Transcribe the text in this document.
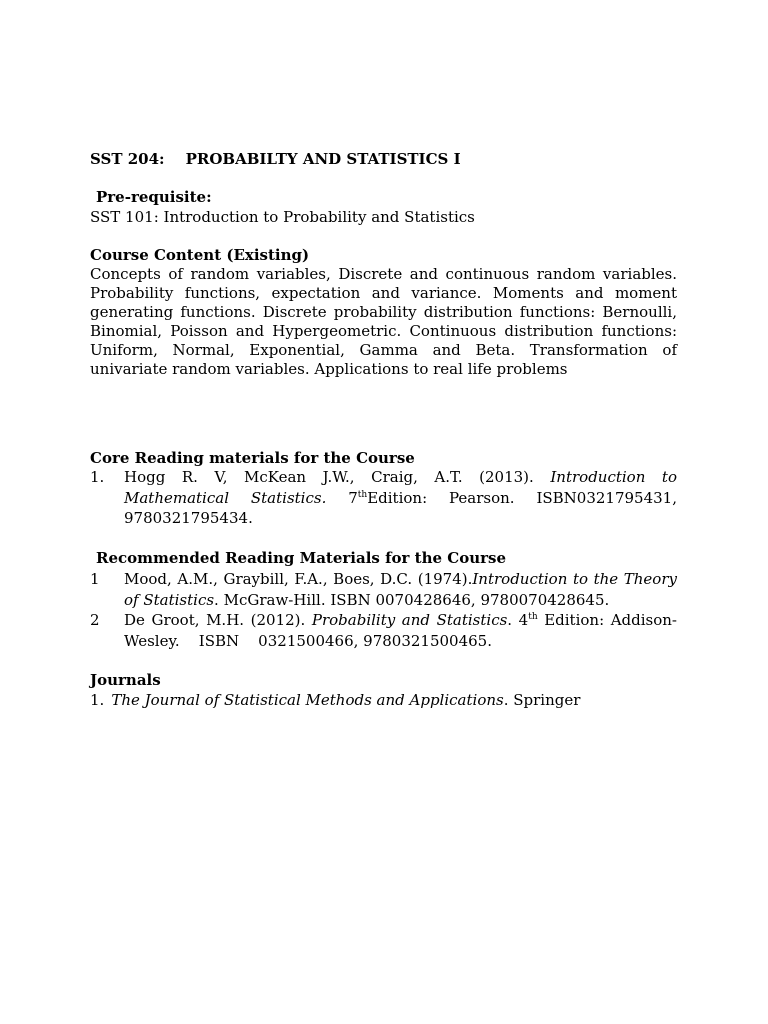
SST 204: PROBABILTY AND STATISTICS I
Pre-requisite:
SST 101: Introduction to Probability and Statistics
Course Content (Existing)
Concepts of random variables, Discrete and continuous random variables.
Probability functions, expectation and variance. Moments and moment
generating functions. Discrete probability distribution functions: Bernoulli,
Binomial, Poisson and Hypergeometric. Continuous distribution functions:
Uniform, Normal, Exponential, Gamma and Beta. Transformation of
univariate random variables. Applications to real life problems
Core Reading materials for the Course
1. Hogg R. V, McKean J.W., Craig, A.T. (2013). Introduction to
Mathematical Statistics. 7thEdition: Pearson. ISBN0321795431,
9780321795434.
Recommended Reading Materials for the Course
1 Mood, A.M., Graybill, F.A., Boes, D.C. (1974).Introduction to the Theory
of Statistics. McGraw-Hill. ISBN 0070428646, 9780070428645.
2 De Groot, M.H. (2012). Probability and Statistics. 4th Edition: Addison-
Wesley.    ISBN    0321500466, 9780321500465.
Journals
1. The Journal of Statistical Methods and Applications. Springer
